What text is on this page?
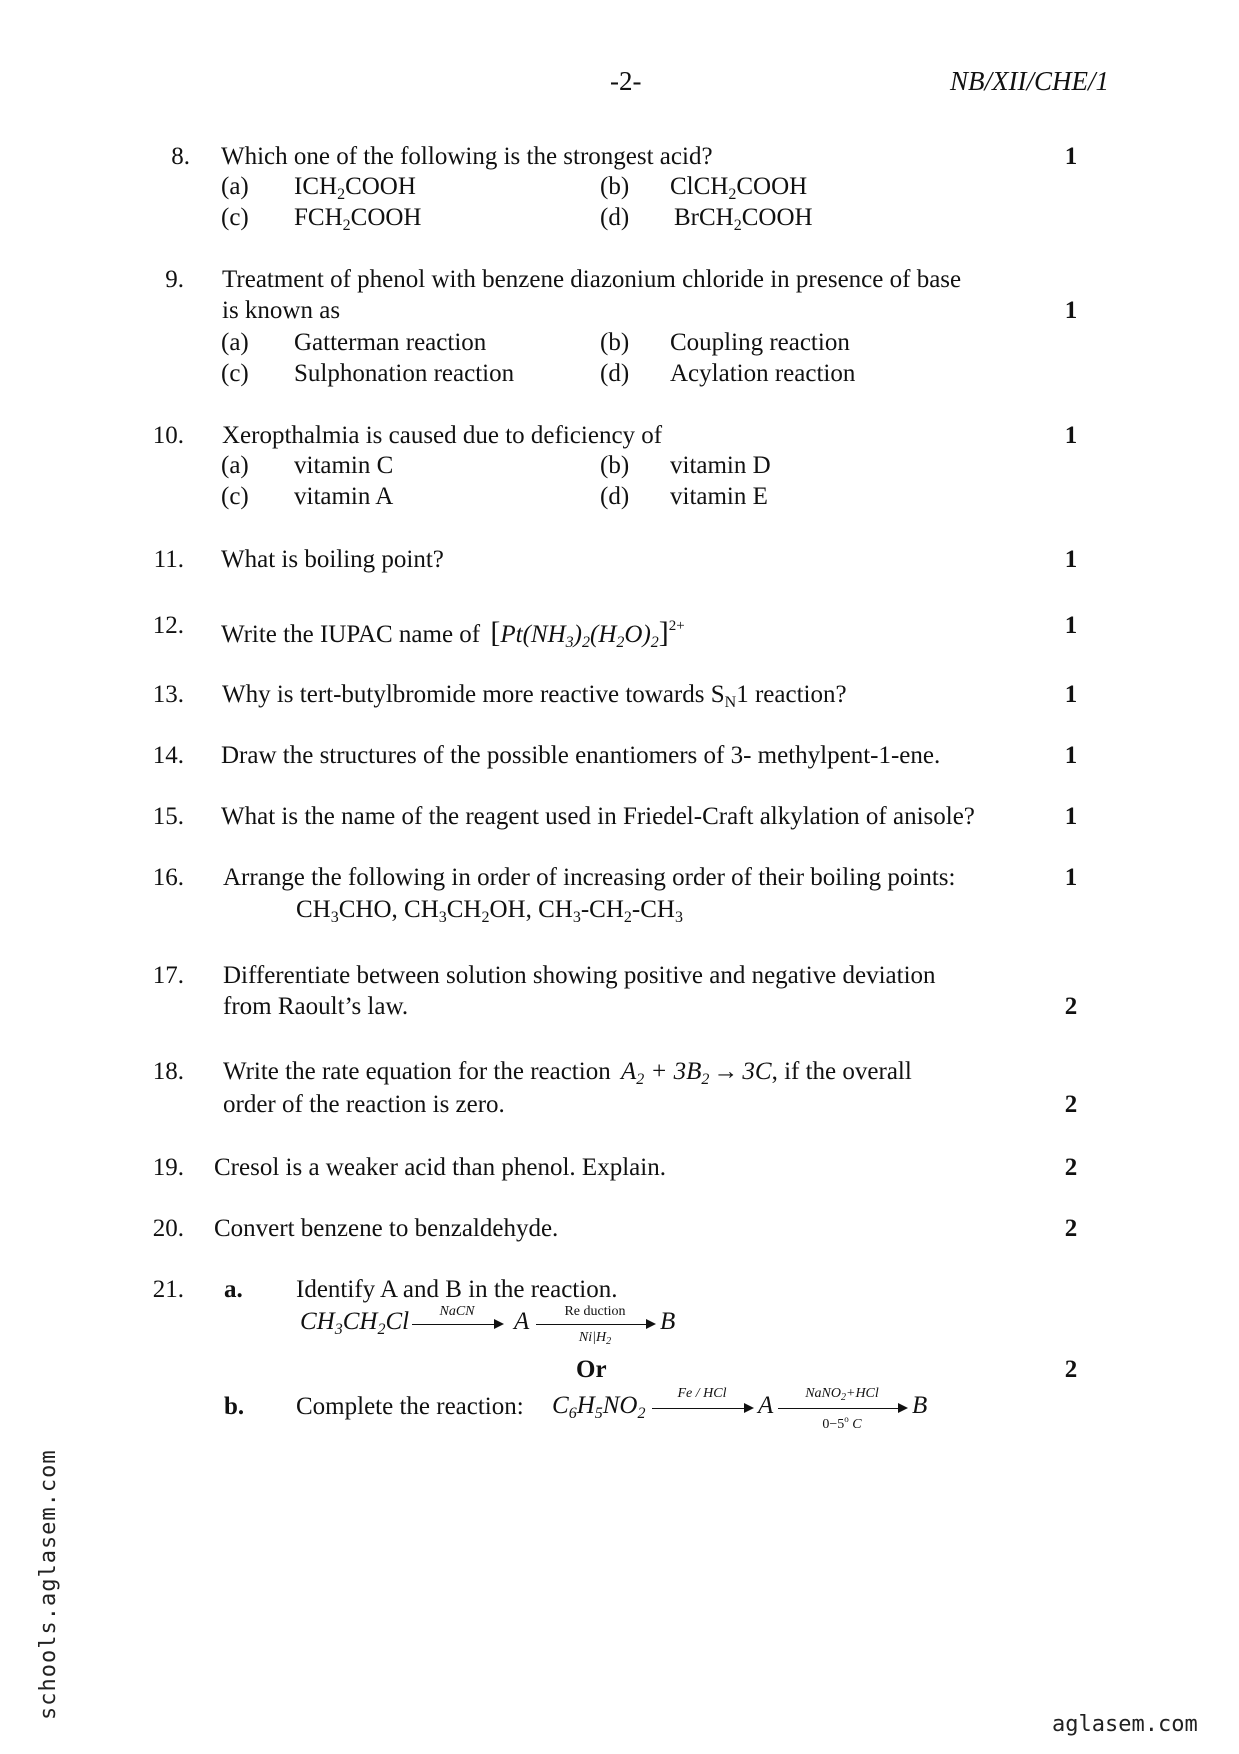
-2-	NB/XII/CHE/1
8. Which one of the following is the strongest acid?	1
(a) $ICH_2COOH$	(b) ClCH$_2$COOH
(c) $FCH_2COOH$	(d) BrCH$_2$COOH
9. Treatment of phenol with benzene diazonium chloride in presence of base
is known as	1
(a) Gatterman reaction	(b) Coupling reaction
(c) Sulphonation reaction	(d) Acylation reaction
10. Xeropthalmia is caused due to deficiency of	1
(a) vitamin C	(b) vitamin D
(c) vitamin A	(d) vitamin E
11. What is boiling point?	1
12. Write the IUPAC name of $[Pt(NH_3)_2(H_2O)_2]^{2+}$	1
13. Why is tert-butylbromide more reactive towards $S_N1$ reaction?	1
14. Draw the structures of the possible enantiomers of 3- methylpent-1-ene.	1
15. What is the name of the reagent used in Friedel-Craft alkylation of anisole?	1
16. Arrange the following in order of increasing order of their boiling points:	1
$CH_3CHO$, $CH_3CH_2OH$, $CH_3-CH_2-CH_3$
17. Differentiate between solution showing positive and negative deviation
from Raoult’s law.	2
18. Write the rate equation for the reaction $A_2 + 3B_2 \to 3C$, if the overall
order of the reaction is zero.	2
19. Cresol is a weaker acid than phenol. Explain.	2
20. Convert benzene to benzaldehyde.	2
21. a. Identify A and B in the reaction.
$CH_3CH_2Cl$	NaCN	A	Re duction
$Ni|H_2$
B
Or	2
b. Complete the reaction: $C_6H_5NO_2$
Fe / HCl	A	NaNO$_2$+HCl
$0-5^o$ C
B
schools.aglasem.com
aglasem.com
